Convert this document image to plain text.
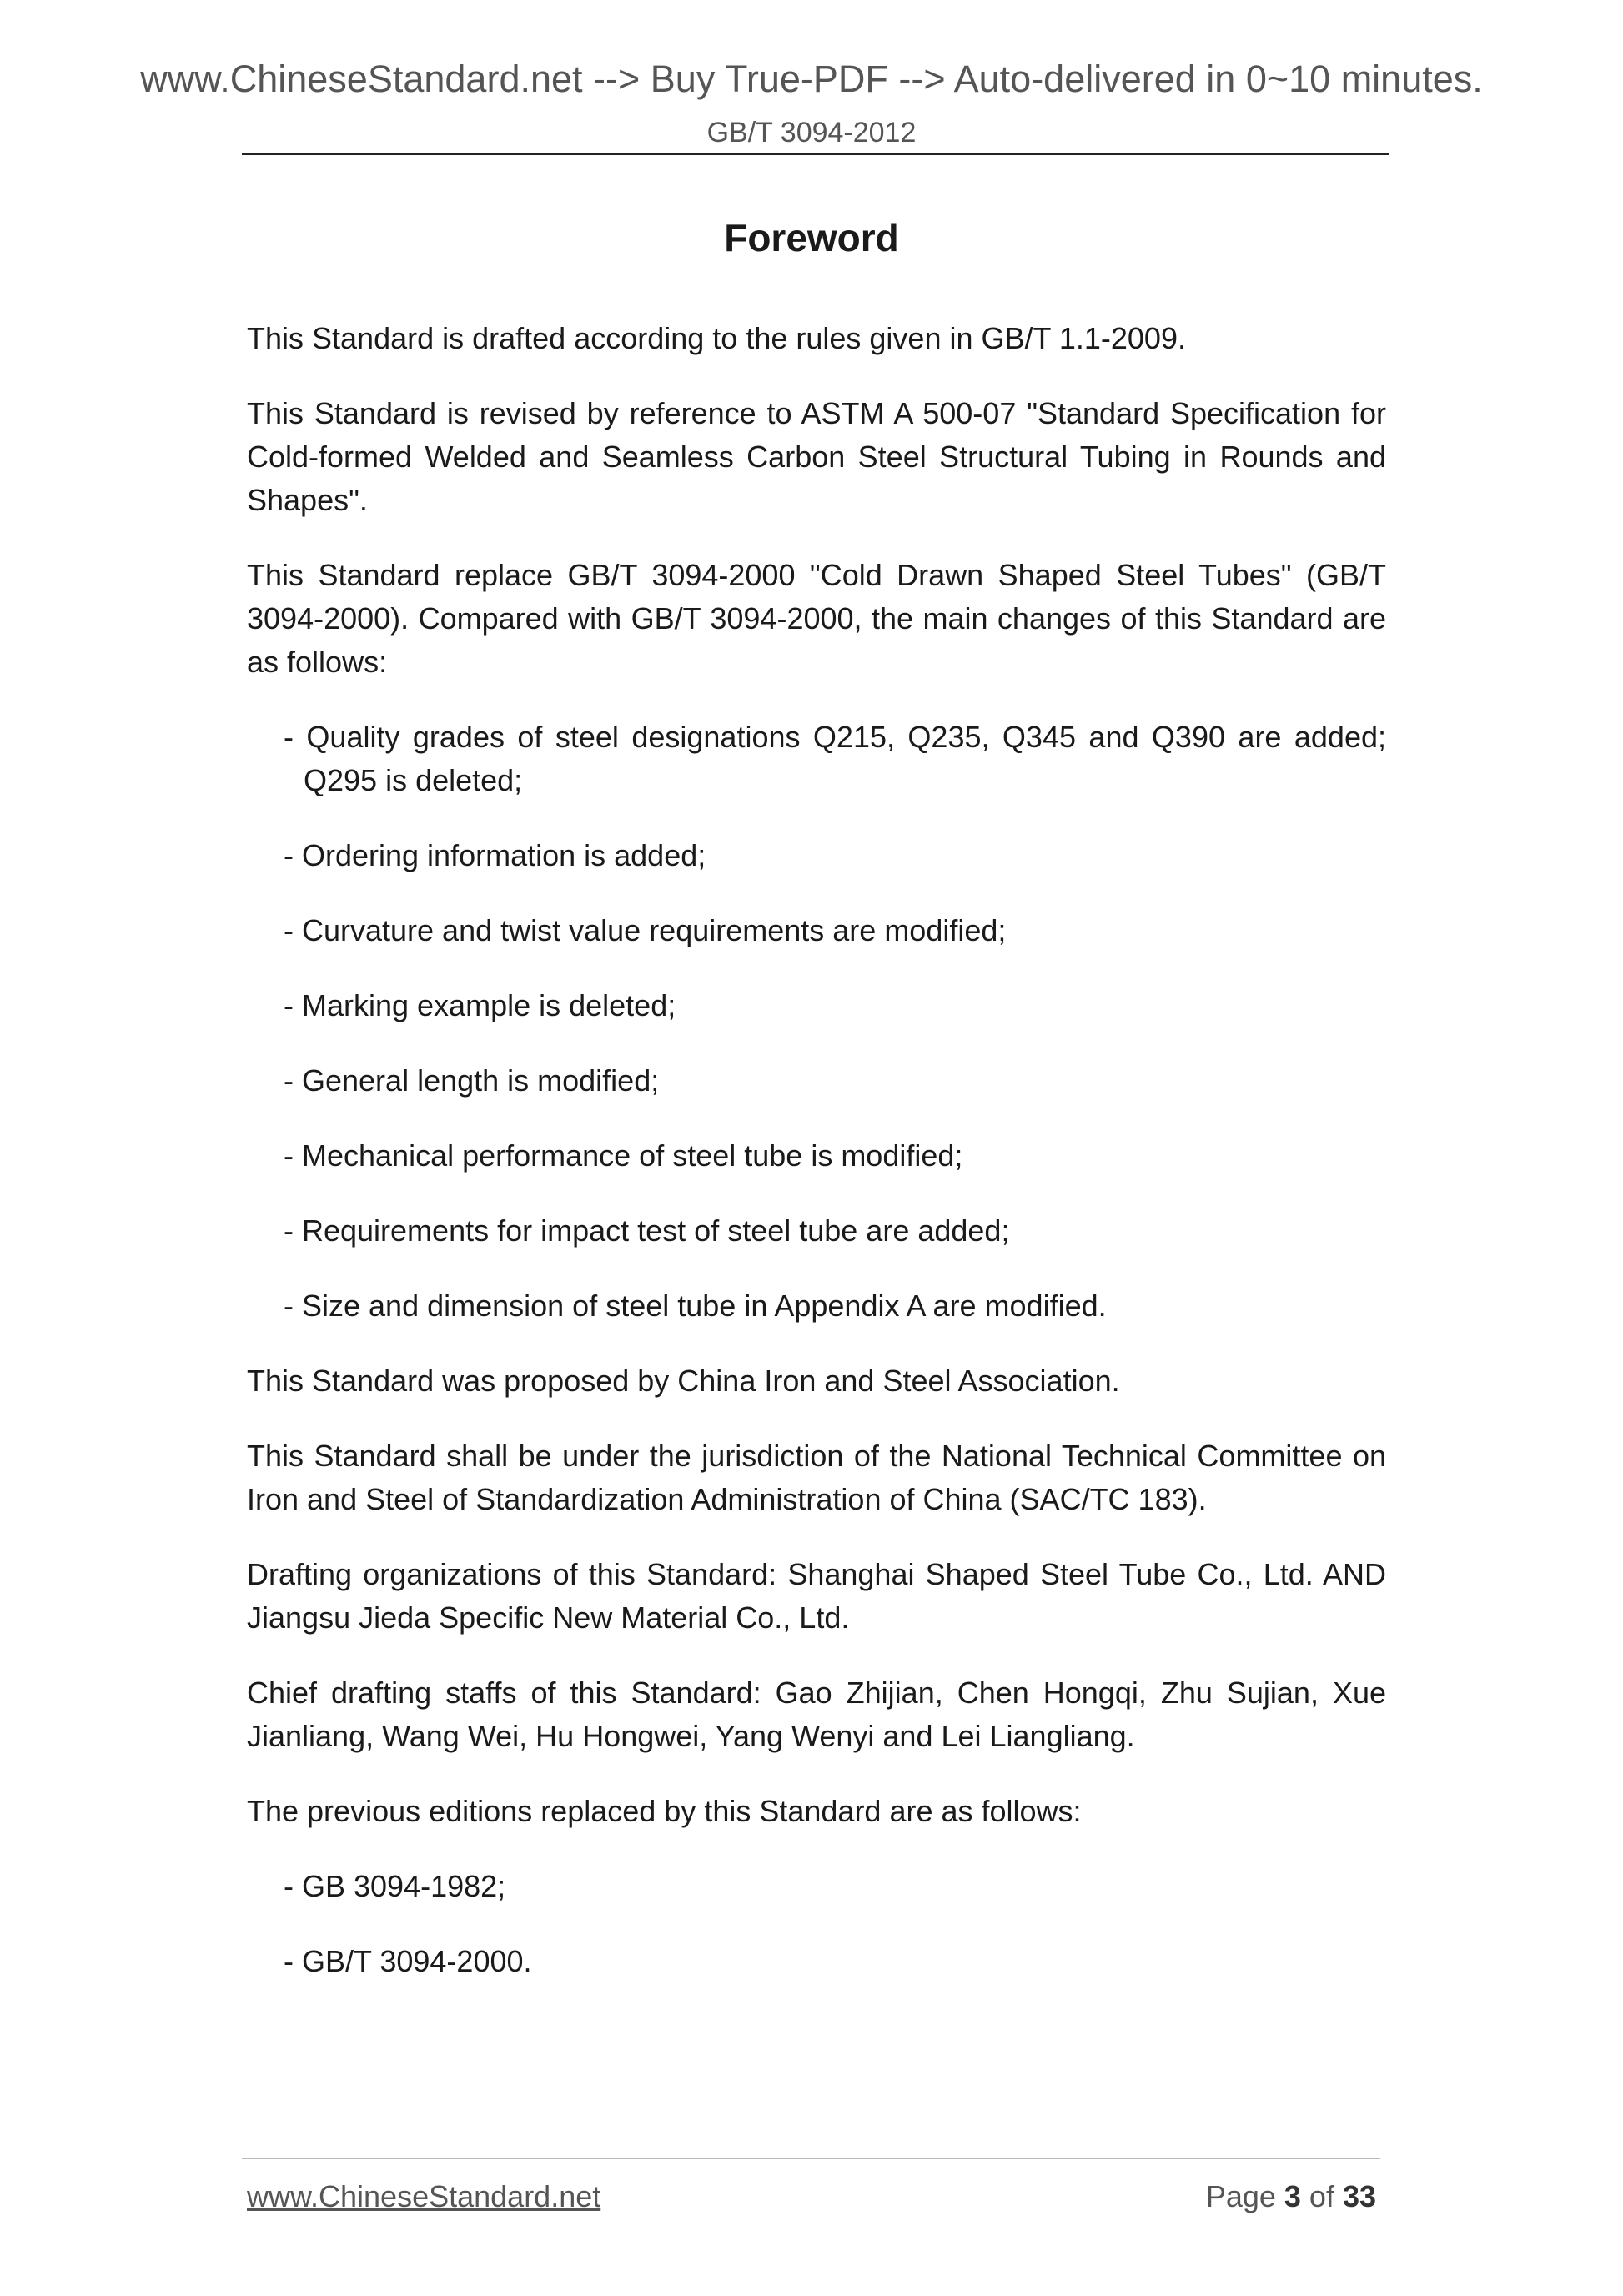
www.ChineseStandard.net --> Buy True-PDF --> Auto-delivered in 0~10 minutes.
GB/T 3094-2012
Foreword

This Standard is drafted according to the rules given in GB/T 1.1-2009.

This Standard is revised by reference to ASTM A 500-07 "Standard Specification for Cold-formed Welded and Seamless Carbon Steel Structural Tubing in Rounds and Shapes".

This Standard replace GB/T 3094-2000 "Cold Drawn Shaped Steel Tubes" (GB/T 3094-2000). Compared with GB/T 3094-2000, the main changes of this Standard are as follows:

- Quality grades of steel designations Q215, Q235, Q345 and Q390 are added; Q295 is deleted;

- Ordering information is added;

- Curvature and twist value requirements are modified;

- Marking example is deleted;

- General length is modified;

- Mechanical performance of steel tube is modified;

- Requirements for impact test of steel tube are added;

- Size and dimension of steel tube in Appendix A are modified.

This Standard was proposed by China Iron and Steel Association.

This Standard shall be under the jurisdiction of the National Technical Committee on Iron and Steel of Standardization Administration of China (SAC/TC 183).

Drafting organizations of this Standard: Shanghai Shaped Steel Tube Co., Ltd. AND Jiangsu Jieda Specific New Material Co., Ltd.

Chief drafting staffs of this Standard: Gao Zhijian, Chen Hongqi, Zhu Sujian, Xue Jianliang, Wang Wei, Hu Hongwei, Yang Wenyi and Lei Liangliang.

The previous editions replaced by this Standard are as follows:

- GB 3094-1982;

- GB/T 3094-2000.

www.ChineseStandard.net	Page 3 of 33
